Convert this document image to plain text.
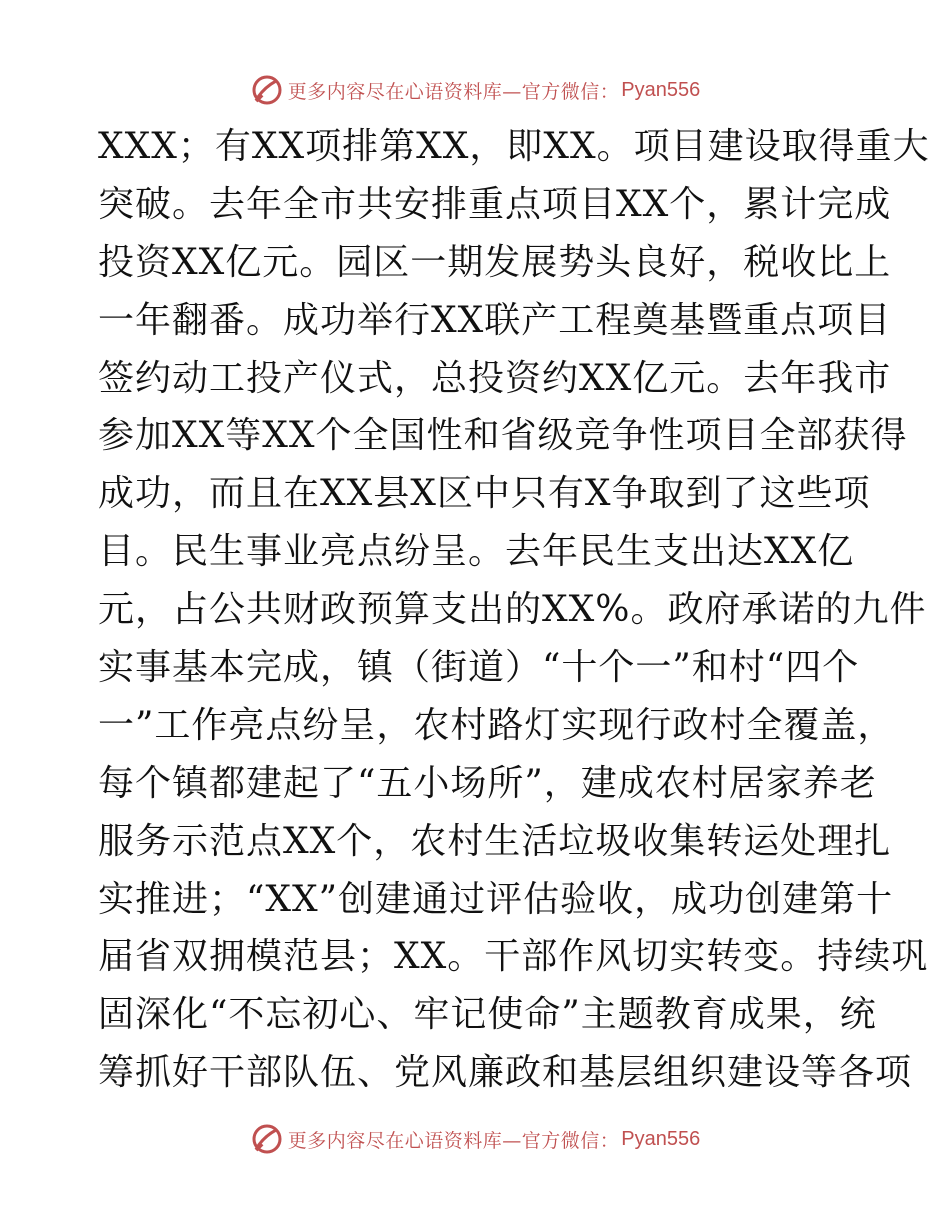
更多内容尽在心语资料库—官方微信： Pyan556
XXX；有XX项排第XX，即XX。项目建设取得重大
突破。去年全市共安排重点项目XX个，累计完成
投资XX亿元。园区一期发展势头良好，税收比上
一年翻番。成功举行XX联产工程奠基暨重点项目
签约动工投产仪式，总投资约XX亿元。去年我市
参加XX等XX个全国性和省级竞争性项目全部获得
成功，而且在XX县X区中只有X争取到了这些项
目。民生事业亮点纷呈。去年民生支出达XX亿
元，占公共财政预算支出的XX%。政府承诺的九件
实事基本完成，镇（街道）“十个一”和村“四个
一”工作亮点纷呈，农村路灯实现行政村全覆盖，
每个镇都建起了“五小场所”，建成农村居家养老
服务示范点XX个，农村生活垃圾收集转运处理扎
实推进；“XX”创建通过评估验收，成功创建第十
届省双拥模范县；XX。干部作风切实转变。持续巩
固深化“不忘初心、牢记使命”主题教育成果，统
筹抓好干部队伍、党风廉政和基层组织建设等各项
更多内容尽在心语资料库—官方微信： Pyan556
